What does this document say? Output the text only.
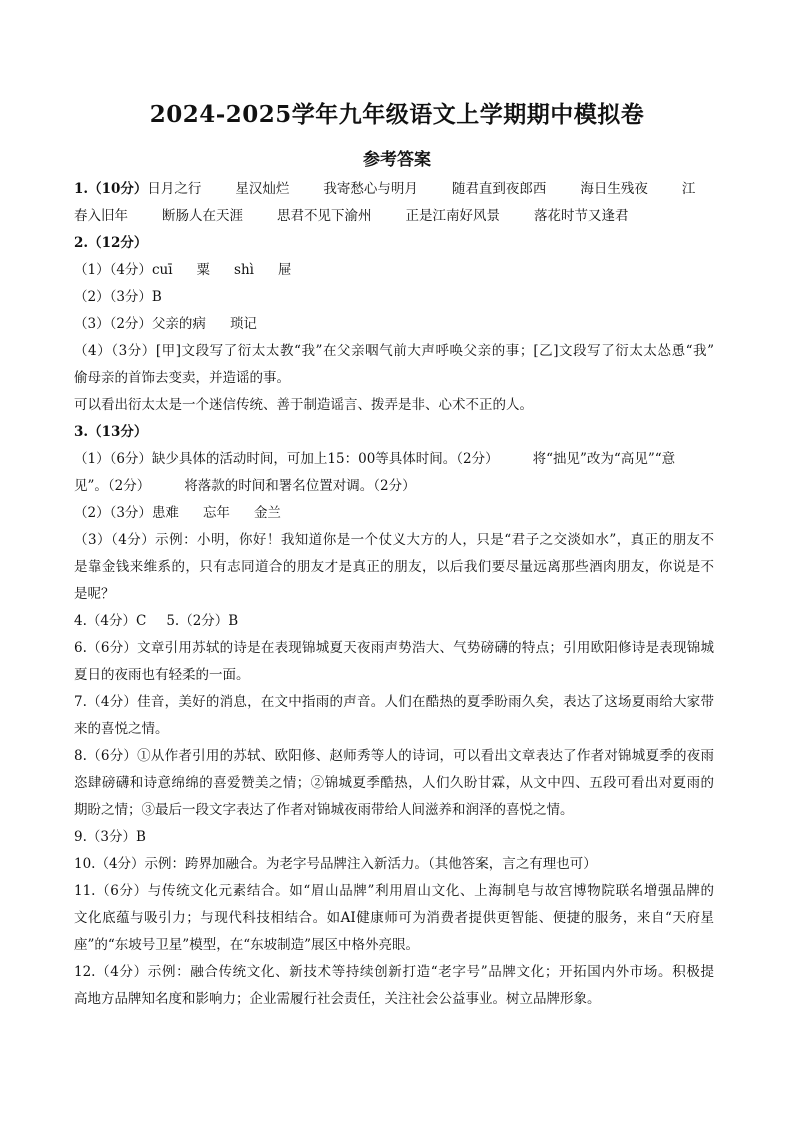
2024-2025学年九年级语文上学期期中模拟卷
参考答案
1.（10分）日月之行	星汉灿烂	我寄愁心与明月	随君直到夜郎西	海日生残夜	江
春入旧年	断肠人在天涯	思君不见下渝州	正是江南好风景	落花时节又逢君
2.（12分）
（1）（4分）cuī 粟 shì 屉
（2）（3分）B
（3）（2分）父亲的病 琐记
（4）（3分）[甲]文段写了衍太太教“我”在父亲咽气前大声呼唤父亲的事；[乙]文段写了衍太太怂恿“我”
偷母亲的首饰去变卖，并造谣的事。
可以看出衍太太是一个迷信传统、善于制造谣言、拨弄是非、心术不正的人。
3.（13分）
（1）（6分）缺少具体的活动时间，可加上15：00等具体时间。（2分）	将“拙见”改为“高见”“意
见”。（2分）	将落款的时间和署名位置对调。（2分）
（2）（3分）患难 忘年 金兰
（3）（4分）示例：小明，你好！我知道你是一个仗义大方的人，只是“君子之交淡如水”，真正的朋友不
是靠金钱来维系的，只有志同道合的朋友才是真正的朋友，以后我们要尽量远离那些酒肉朋友，你说是不
是呢？
4.（4分）C 5.（2分）B
6.（6分）文章引用苏轼的诗是在表现锦城夏天夜雨声势浩大、气势磅礴的特点；引用欧阳修诗是表现锦城
夏日的夜雨也有轻柔的一面。
7.（4分）佳音，美好的消息，在文中指雨的声音。人们在酷热的夏季盼雨久矣，表达了这场夏雨给大家带
来的喜悦之情。
8.（6分）①从作者引用的苏轼、欧阳修、赵师秀等人的诗词，可以看出文章表达了作者对锦城夏季的夜雨
恣肆磅礴和诗意绵绵的喜爱赞美之情；②锦城夏季酷热，人们久盼甘霖，从文中四、五段可看出对夏雨的
期盼之情；③最后一段文字表达了作者对锦城夜雨带给人间滋养和润泽的喜悦之情。
9.（3分）B
10.（4分）示例：跨界加融合。为老字号品牌注入新活力。（其他答案，言之有理也可）
11.（6分）与传统文化元素结合。如“眉山品牌”利用眉山文化、上海制皂与故宫博物院联名增强品牌的
文化底蕴与吸引力；与现代科技相结合。如AI健康师可为消费者提供更智能、便捷的服务，来自“天府星
座”的“东坡号卫星”模型，在“东坡制造”展区中格外亮眼。
12.（4分）示例：融合传统文化、新技术等持续创新打造“老字号”品牌文化；开拓国内外市场。积极提
高地方品牌知名度和影响力；企业需履行社会责任，关注社会公益事业。树立品牌形象。
